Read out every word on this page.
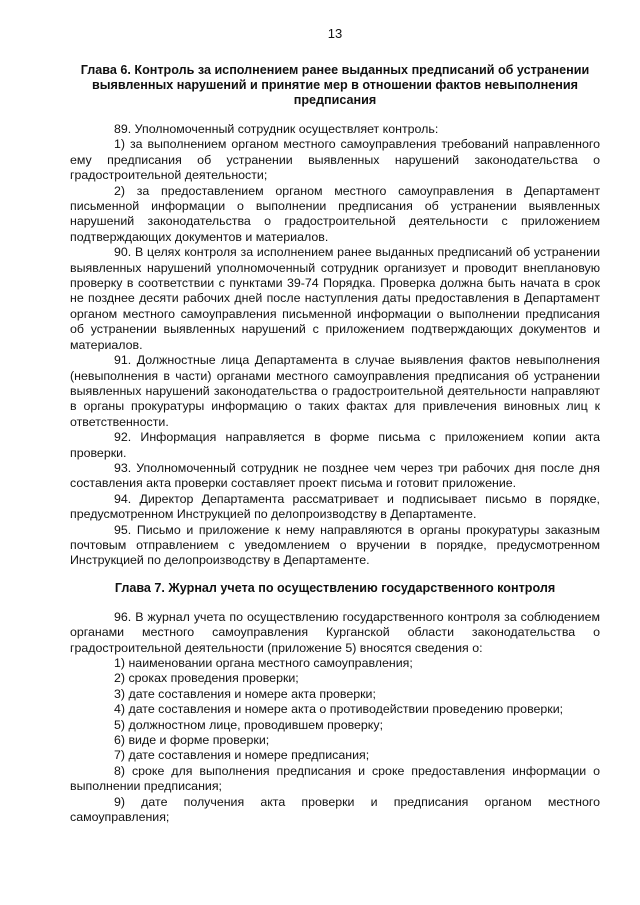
13
Глава 6. Контроль за исполнением ранее выданных предписаний об устранении выявленных нарушений и принятие мер в отношении фактов невыполнения предписания

89. Уполномоченный сотрудник осуществляет контроль:

1) за выполнением органом местного самоуправления требований направленного ему предписания об устранении выявленных нарушений законодательства о градостроительной деятельности;

2) за предоставлением органом местного самоуправления в Департамент письменной информации о выполнении предписания об устранении выявленных нарушений законодательства о градостроительной деятельности с приложением подтверждающих документов и материалов.

90. В целях контроля за исполнением ранее выданных предписаний об устранении выявленных нарушений уполномоченный сотрудник организует и проводит внеплановую проверку в соответствии с пунктами 39-74 Порядка. Проверка должна быть начата в срок не позднее десяти рабочих дней после наступления даты предоставления в Департамент органом местного самоуправления письменной информации о выполнении предписания об устранении выявленных нарушений с приложением подтверждающих документов и материалов.

91. Должностные лица Департамента в случае выявления фактов невыполнения (невыполнения в части) органами местного самоуправления предписания об устранении выявленных нарушений законодательства о градостроительной деятельности направляют в органы прокуратуры информацию о таких фактах для привлечения виновных лиц к ответственности.

92. Информация направляется в форме письма с приложением копии акта проверки.

93. Уполномоченный сотрудник не позднее чем через три рабочих дня после дня составления акта проверки составляет проект письма и готовит приложение.

94. Директор Департамента рассматривает и подписывает письмо в порядке, предусмотренном Инструкцией по делопроизводству в Департаменте.

95. Письмо и приложение к нему направляются в органы прокуратуры заказным почтовым отправлением с уведомлением о вручении в порядке, предусмотренном Инструкцией по делопроизводству в Департаменте.

Глава 7. Журнал учета по осуществлению государственного контроля

96. В журнал учета по осуществлению государственного контроля за соблюдением органами местного самоуправления Курганской области законодательства о градостроительной деятельности (приложение 5) вносятся сведения о:

1) наименовании органа местного самоуправления;

2) сроках проведения проверки;

3) дате составления и номере акта проверки;

4) дате составления и номере акта о противодействии проведению проверки;

5) должностном лице, проводившем проверку;

6) виде и форме проверки;

7) дате составления и номере предписания;

8) сроке для выполнения предписания и сроке предоставления информации о выполнении предписания;

9) дате получения акта проверки и предписания органом местного самоуправления;
